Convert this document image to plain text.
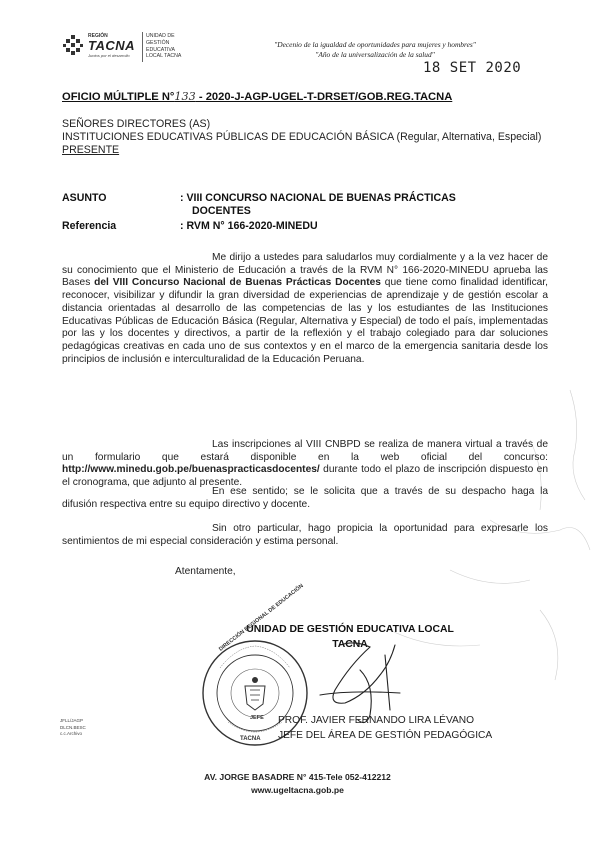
REGIÓN
TACNA
Juntos por el desarrollo
UNIDAD DE
GESTIÓN
EDUCATIVA
LOCAL TACNA
"Decenio de la igualdad de oportunidades para mujeres y hombres"
"Año de la universalización de la salud"
18 SET 2020
OFICIO MÚLTIPLE N°133 - 2020-J-AGP-UGEL-T-DRSET/GOB.REG.TACNA
SEÑORES DIRECTORES (AS)
INSTITUCIONES EDUCATIVAS PÚBLICAS DE EDUCACIÓN BÁSICA (Regular, Alternativa, Especial)
PRESENTE
ASUNTO	: VIII CONCURSO NACIONAL DE BUENAS PRÁCTICAS
DOCENTES
Referencia	: RVM N° 166-2020-MINEDU
Me dirijo a ustedes para saludarlos muy cordialmente y a la vez hacer de su conocimiento que el Ministerio de Educación a través de la RVM N° 166-2020-MINEDU aprueba las Bases del VIII Concurso Nacional de Buenas Prácticas Docentes que tiene como finalidad identificar, reconocer, visibilizar y difundir la gran diversidad de experiencias de aprendizaje y de gestión escolar a distancia orientadas al desarrollo de las competencias de las y los estudiantes de las Instituciones Educativas Públicas de Educación Básica (Regular, Alternativa y Especial) de todo el país, implementadas por las y los docentes y directivos, a partir de la reflexión y el trabajo colegiado para dar soluciones pedagógicas creativas en cada uno de sus contextos y en el marco de la emergencia sanitaria desde los principios de inclusión e interculturalidad de la Educación Peruana.
Las inscripciones al VIII CNBPD se realiza de manera virtual a través de un formulario que estará disponible en la web oficial del concurso: http://www.minedu.gob.pe/buenaspracticasdocentes/ durante todo el plazo de inscripción dispuesto en el cronograma, que adjunto al presente.
En ese sentido; se le solicita que a través de su despacho haga la difusión respectiva entre su equipo directivo y docente.
Sin otro particular, hago propicia la oportunidad para expresarle los sentimientos de mi especial consideración y estima personal.
Atentamente,
UNIDAD DE GESTIÓN EDUCATIVA LOCAL
TACNA
DIRECCIÓN REGIONAL DE EDUCACIÓN
JEFE
TACNA
PROF. JAVIER FERNANDO LIRA LÉVANO
JEFE DEL ÁREA DE GESTIÓN PEDAGÓGICA
JFLL/JAGP
DLCN.BESC
c.c.Archivo
AV. JORGE BASADRE N° 415-Tele 052-412212
www.ugeltacna.gob.pe
